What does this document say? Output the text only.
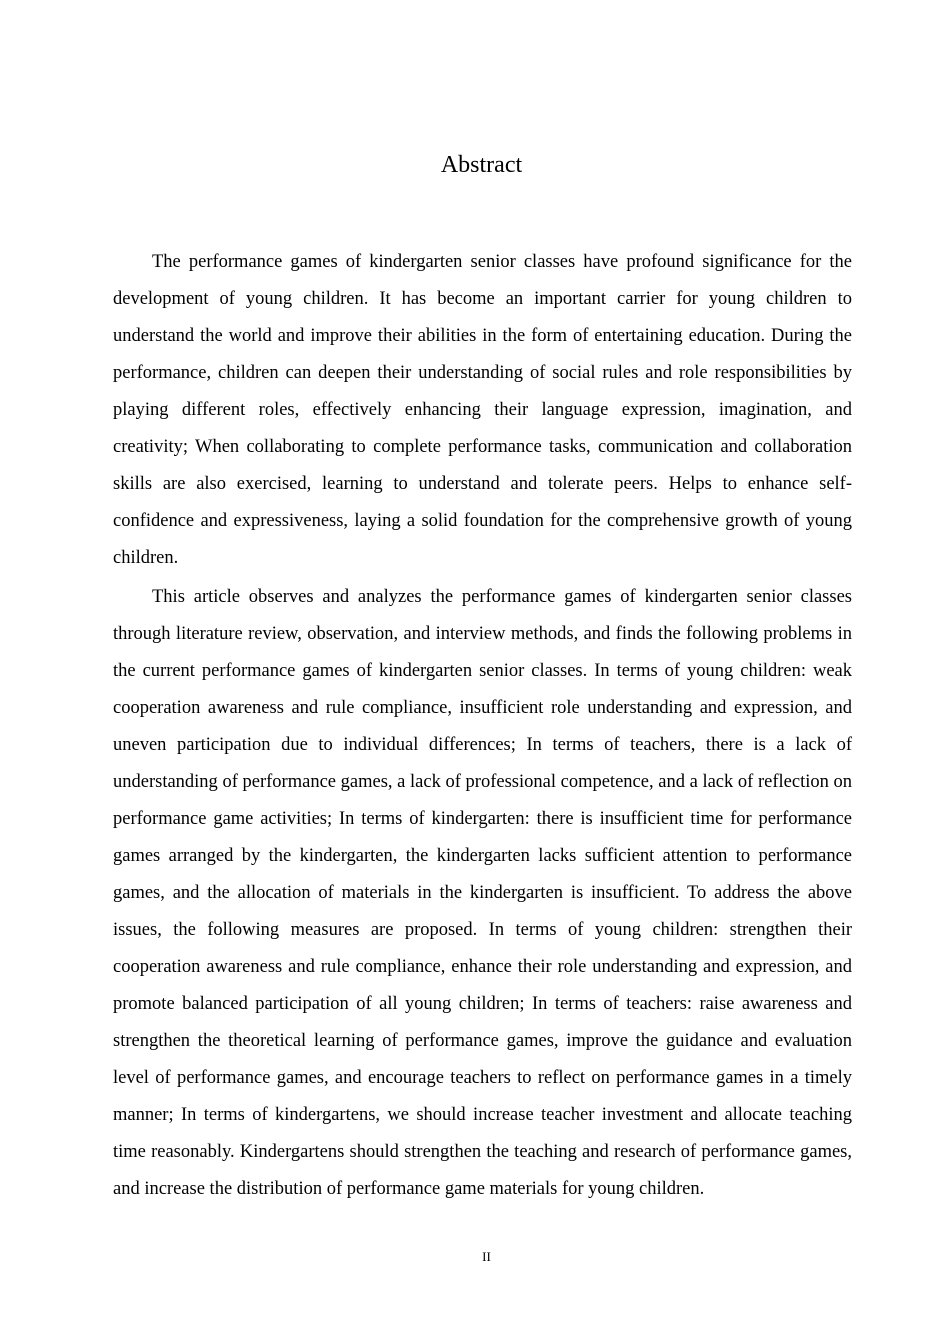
Abstract

The performance games of kindergarten senior classes have profound significance for the development of young children. It has become an important carrier for young children to understand the world and improve their abilities in the form of entertaining education. During the performance, children can deepen their understanding of social rules and role responsibilities by playing different roles, effectively enhancing their language expression, imagination, and creativity; When collaborating to complete performance tasks, communication and collaboration skills are also exercised, learning to understand and tolerate peers. Helps to enhance self-confidence and expressiveness, laying a solid foundation for the comprehensive growth of young children.

This article observes and analyzes the performance games of kindergarten senior classes through literature review, observation, and interview methods, and finds the following problems in the current performance games of kindergarten senior classes. In terms of young children: weak cooperation awareness and rule compliance, insufficient role understanding and expression, and uneven participation due to individual differences; In terms of teachers, there is a lack of understanding of performance games, a lack of professional competence, and a lack of reflection on performance game activities; In terms of kindergarten: there is insufficient time for performance games arranged by the kindergarten, the kindergarten lacks sufficient attention to performance games, and the allocation of materials in the kindergarten is insufficient. To address the above issues, the following measures are proposed. In terms of young children: strengthen their cooperation awareness and rule compliance, enhance their role understanding and expression, and promote balanced participation of all young children; In terms of teachers: raise awareness and strengthen the theoretical learning of performance games, improve the guidance and evaluation level of performance games, and encourage teachers to reflect on performance games in a timely manner; In terms of kindergartens, we should increase teacher investment and allocate teaching time reasonably. Kindergartens should strengthen the teaching and research of performance games, and increase the distribution of performance game materials for young children.

II
